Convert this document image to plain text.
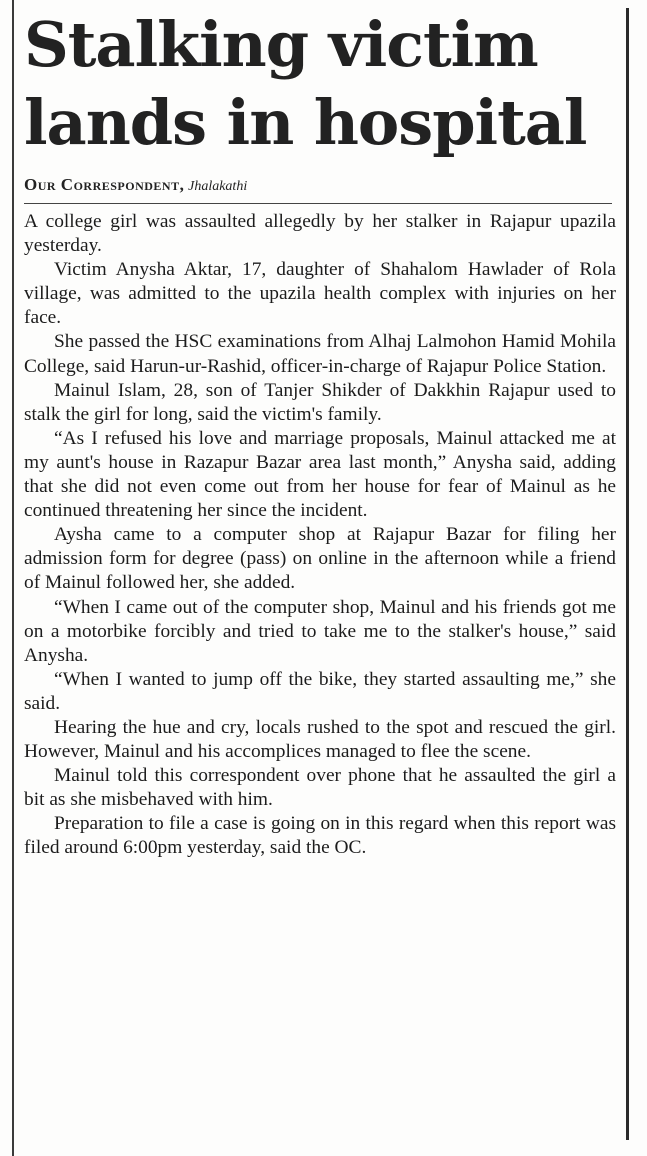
Stalking victim lands in hospital
Our Correspondent, Jhalakathi

A college girl was assaulted allegedly by her stalker in Rajapur upazila yesterday.

Victim Anysha Aktar, 17, daughter of Shahalom Hawlader of Rola village, was admitted to the upazila health complex with injuries on her face.

She passed the HSC examinations from Alhaj Lalmohon Hamid Mohila College, said Harun-ur-Rashid, officer-in-charge of Rajapur Police Station.

Mainul Islam, 28, son of Tanjer Shikder of Dakkhin Rajapur used to stalk the girl for long, said the victim's family.

“As I refused his love and marriage proposals, Mainul attacked me at my aunt's house in Razapur Bazar area last month,” Anysha said, adding that she did not even come out from her house for fear of Mainul as he continued threatening her since the incident.

Aysha came to a computer shop at Rajapur Bazar for filing her admission form for degree (pass) on online in the afternoon while a friend of Mainul followed her, she added.

“When I came out of the computer shop, Mainul and his friends got me on a motorbike forcibly and tried to take me to the stalker's house,” said Anysha.

“When I wanted to jump off the bike, they started assaulting me,” she said.

Hearing the hue and cry, locals rushed to the spot and rescued the girl. However, Mainul and his accomplices managed to flee the scene.

Mainul told this correspondent over phone that he assaulted the girl a bit as she misbehaved with him.

Preparation to file a case is going on in this regard when this report was filed around 6:00pm yesterday, said the OC.
